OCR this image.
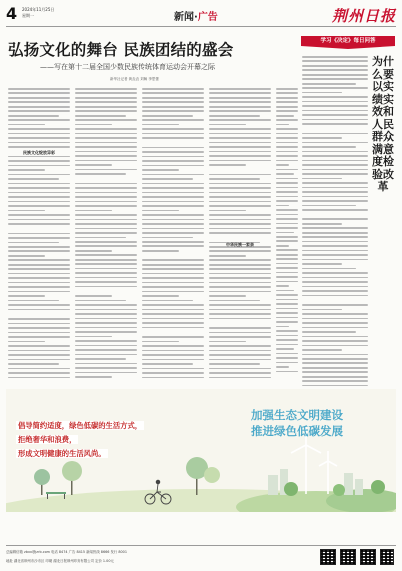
4 2024年11月25日
星期一	新闻·广告	荆州日报
弘扬文化的舞台 民族团结的盛会
——写在第十二届全国少数民族传统体育运动会开幕之际
新华社记者 黄垚垚 刘畅 李思蕾
民族文化绽放异彩
中华民族一家亲
学习《决定》每日问答
为什么要以实绩实效和人民群众满意度检验改革
倡导简约适度，绿色低碳的生活方式，
拒绝奢华和浪费，
形成文明健康的生活风尚。
加强生态文明建设
推进绿色低碳发展
总编辑信箱 zbxx@jzrb.com 电话 8474 广告 8415 新闻热线 8666 发行 8001
地址 湖北省荆州市沙市区 印刷 湖北日报荆州印务有限公司 定价 1.00元
